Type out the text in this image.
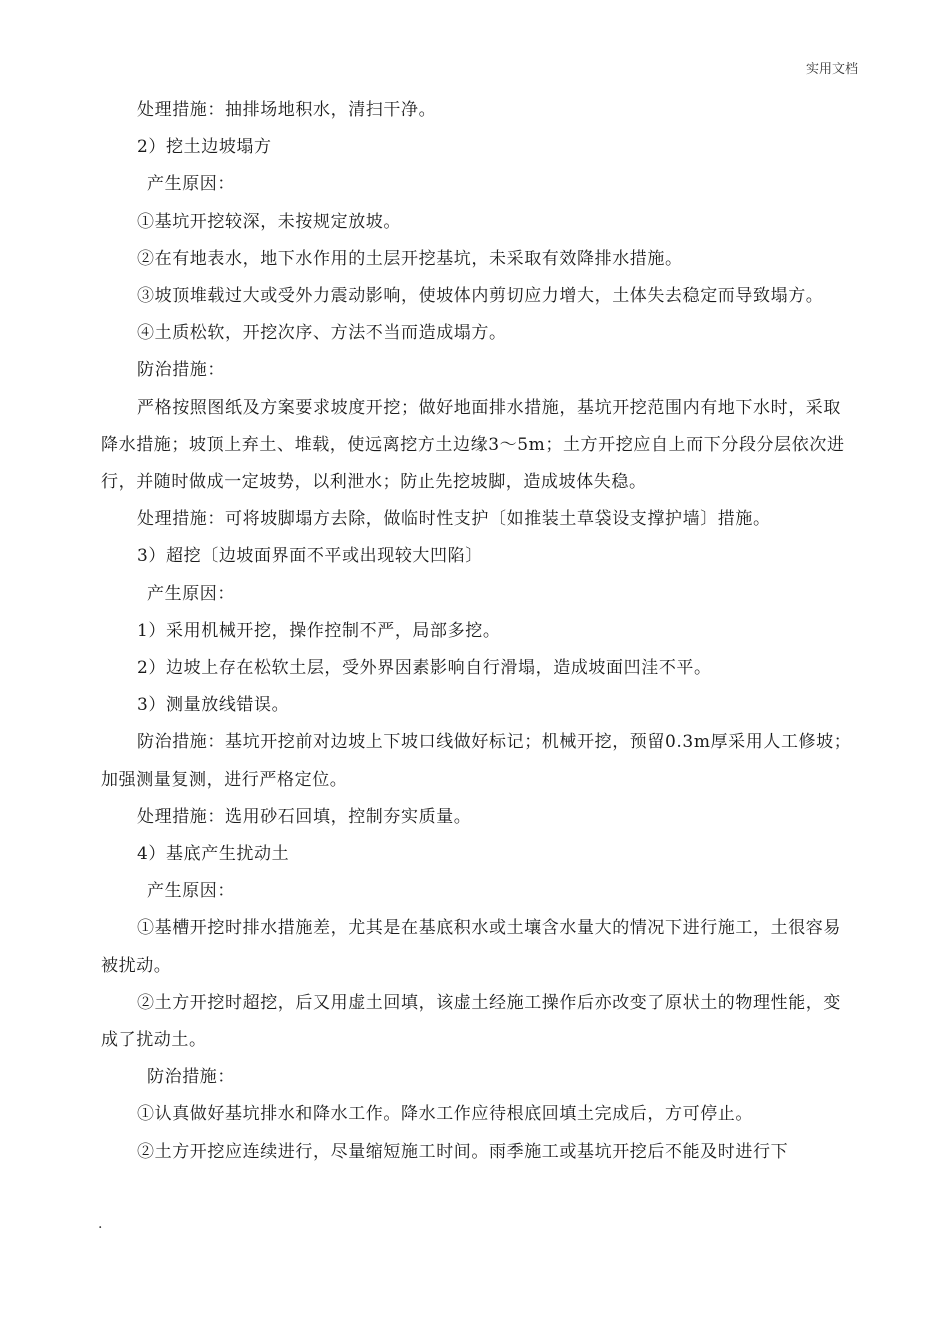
实用文档

处理措施：抽排场地积水，清扫干净。

2）挖土边坡塌方

产生原因：

①基坑开挖较深，未按规定放坡。

②在有地表水，地下水作用的土层开挖基坑，未采取有效降排水措施。

③坡顶堆载过大或受外力震动影响，使坡体内剪切应力增大，土体失去稳定而导致塌方。

④土质松软，开挖次序、方法不当而造成塌方。

防治措施：

严格按照图纸及方案要求坡度开挖；做好地面排水措施，基坑开挖范围内有地下水时，采取降水措施；坡顶上弃土、堆载，使远离挖方土边缘3～5m；土方开挖应自上而下分段分层依次进行，并随时做成一定坡势，以利泄水；防止先挖坡脚，造成坡体失稳。

处理措施：可将坡脚塌方去除，做临时性支护〔如推装土草袋设支撑护墙〕措施。

3）超挖〔边坡面界面不平或出现较大凹陷〕

产生原因：

1）采用机械开挖，操作控制不严，局部多挖。

2）边坡上存在松软土层，受外界因素影响自行滑塌，造成坡面凹洼不平。

3）测量放线错误。

防治措施：基坑开挖前对边坡上下坡口线做好标记；机械开挖，预留0.3m厚采用人工修坡；加强测量复测，进行严格定位。

处理措施：选用砂石回填，控制夯实质量。

4）基底产生扰动土

产生原因：

①基槽开挖时排水措施差，尤其是在基底积水或土壤含水量大的情况下进行施工，土很容易被扰动。

②土方开挖时超挖，后又用虚土回填，该虚土经施工操作后亦改变了原状土的物理性能，变成了扰动土。

防治措施：

①认真做好基坑排水和降水工作。降水工作应待根底回填土完成后，方可停止。

②土方开挖应连续进行，尽量缩短施工时间。雨季施工或基坑开挖后不能及时进行下

.
